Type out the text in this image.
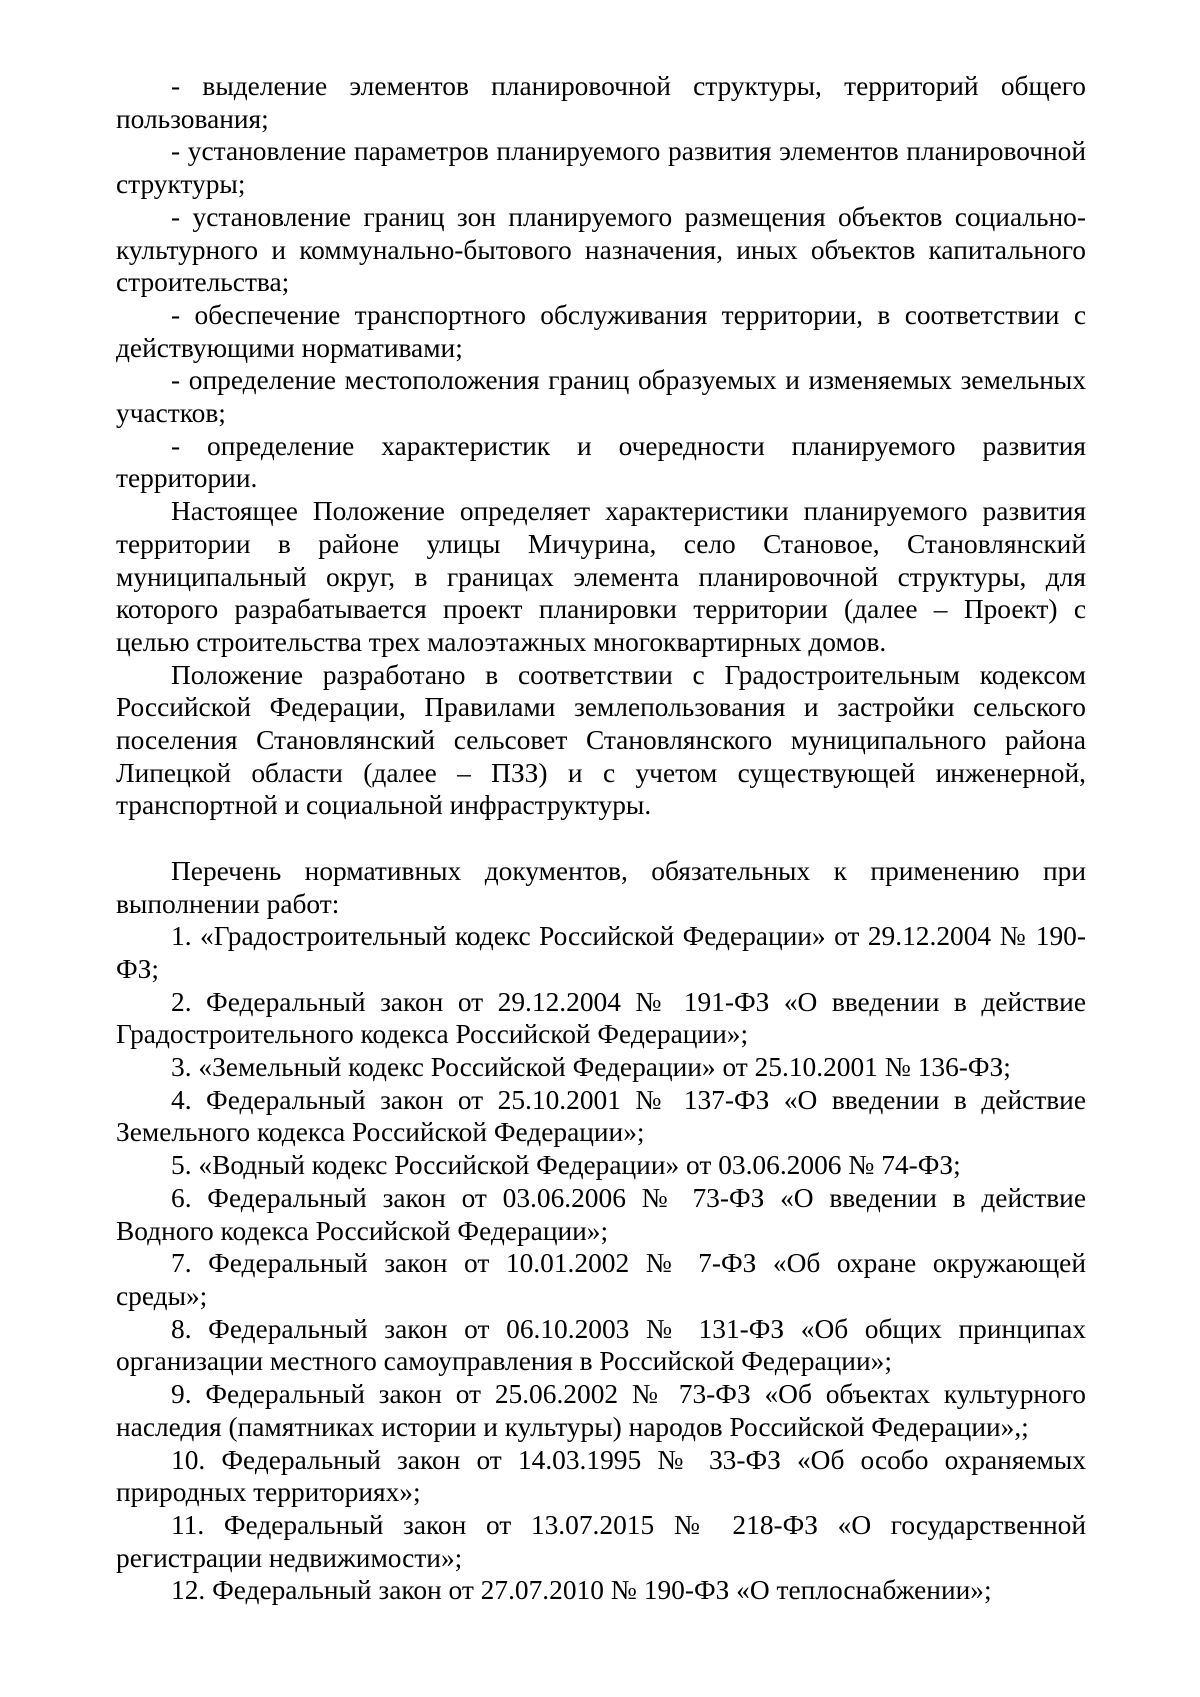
- выделение элементов планировочной структуры, территорий общего пользования;

- установление параметров планируемого развития элементов планировочной структуры;

- установление границ зон планируемого размещения объектов социально-культурного и коммунально-бытового назначения, иных объектов капитального строительства;

- обеспечение транспортного обслуживания территории, в соответствии с действующими нормативами;

- определение местоположения границ образуемых и изменяемых земельных участков;

- определение характеристик и очередности планируемого развития территории.

Настоящее Положение определяет характеристики планируемого развития территории в районе улицы Мичурина, село Становое, Становлянский муниципальный округ, в границах элемента планировочной структуры, для которого разрабатывается проект планировки территории (далее – Проект) с целью строительства трех малоэтажных многоквартирных домов.

Положение разработано в соответствии с Градостроительным кодексом Российской Федерации, Правилами землепользования и застройки сельского поселения Становлянский сельсовет Становлянского муниципального района Липецкой области (далее – ПЗЗ) и с учетом существующей инженерной, транспортной и социальной инфраструктуры.

Перечень нормативных документов, обязательных к применению при выполнении работ:

1. «Градостроительный кодекс Российской Федерации» от 29.12.2004 № 190-ФЗ;

2. Федеральный закон от 29.12.2004 № 191-ФЗ «О введении в действие Градостроительного кодекса Российской Федерации»;

3. «Земельный кодекс Российской Федерации» от 25.10.2001 № 136-ФЗ;

4. Федеральный закон от 25.10.2001 № 137-ФЗ «О введении в действие Земельного кодекса Российской Федерации»;

5. «Водный кодекс Российской Федерации» от 03.06.2006 № 74-ФЗ;

6. Федеральный закон от 03.06.2006 № 73-ФЗ «О введении в действие Водного кодекса Российской Федерации»;

7. Федеральный закон от 10.01.2002 № 7-ФЗ «Об охране окружающей среды»;

8. Федеральный закон от 06.10.2003 № 131-ФЗ «Об общих принципах организации местного самоуправления в Российской Федерации»;

9. Федеральный закон от 25.06.2002 № 73-ФЗ «Об объектах культурного наследия (памятниках истории и культуры) народов Российской Федерации»,;

10. Федеральный закон от 14.03.1995 № 33-ФЗ «Об особо охраняемых природных территориях»;

11. Федеральный закон от 13.07.2015 № 218-ФЗ «О государственной регистрации недвижимости»;

12. Федеральный закон от 27.07.2010 № 190-ФЗ «О теплоснабжении»;
